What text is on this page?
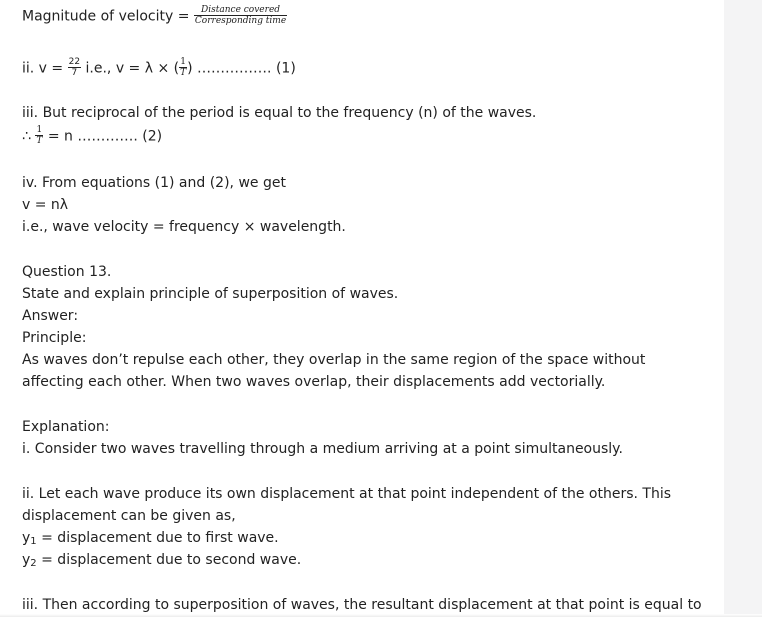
Magnitude of velocity = $\frac{\text{Distance covered}}{\text{Corresponding time}}$
ii. $v = \frac{22}{7} i.e$., v = λ × ( $\frac{1}{T}$ ) ……………. (1)
iii. But reciprocal of the period is equal to the frequency (n) of the waves.
∴ $\frac{1}{T} = n$ …………. (2)
iv. From equations (1) and (2), we get
v = nλ
i.e., wave velocity = frequency × wavelength.
Question 13.
State and explain principle of superposition of waves.
Answer:
Principle:
As waves don’t repulse each other, they overlap in the same region of the space without
affecting each other. When two waves overlap, their displacements add vectorially.
Explanation:
i. Consider two waves travelling through a medium arriving at a point simultaneously.
ii. Let each wave produce its own displacement at that point independent of the others. This
displacement can be given as,
$y_1$ = displacement due to first wave.
$y_2$ = displacement due to second wave.
iii. Then according to superposition of waves, the resultant displacement at that point is equal to
